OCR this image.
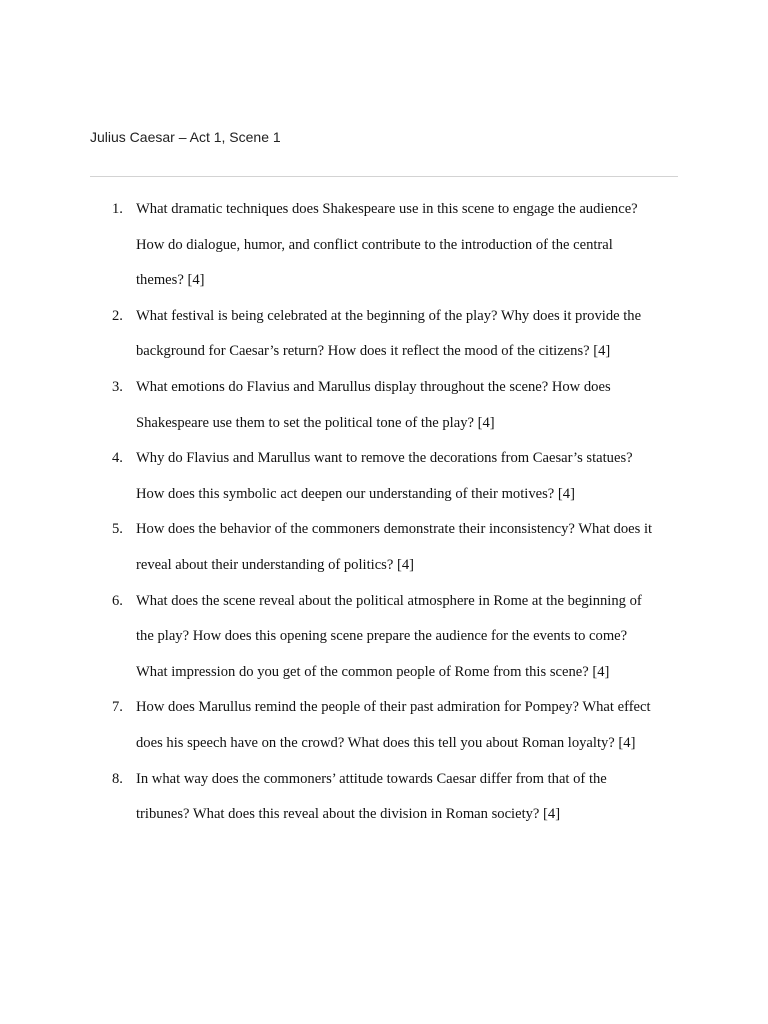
Julius Caesar – Act 1, Scene 1
1. What dramatic techniques does Shakespeare use in this scene to engage the audience?
How do dialogue, humor, and conflict contribute to the introduction of the central
themes? [4]
2. What festival is being celebrated at the beginning of the play? Why does it provide the
background for Caesar’s return? How does it reflect the mood of the citizens? [4]
3. What emotions do Flavius and Marullus display throughout the scene? How does
Shakespeare use them to set the political tone of the play? [4]
4. Why do Flavius and Marullus want to remove the decorations from Caesar’s statues?
How does this symbolic act deepen our understanding of their motives? [4]
5. How does the behavior of the commoners demonstrate their inconsistency? What does it
reveal about their understanding of politics? [4]
6. What does the scene reveal about the political atmosphere in Rome at the beginning of
the play? How does this opening scene prepare the audience for the events to come?
What impression do you get of the common people of Rome from this scene? [4]
7. How does Marullus remind the people of their past admiration for Pompey? What effect
does his speech have on the crowd? What does this tell you about Roman loyalty? [4]
8. In what way does the commoners’ attitude towards Caesar differ from that of the
tribunes? What does this reveal about the division in Roman society? [4]
